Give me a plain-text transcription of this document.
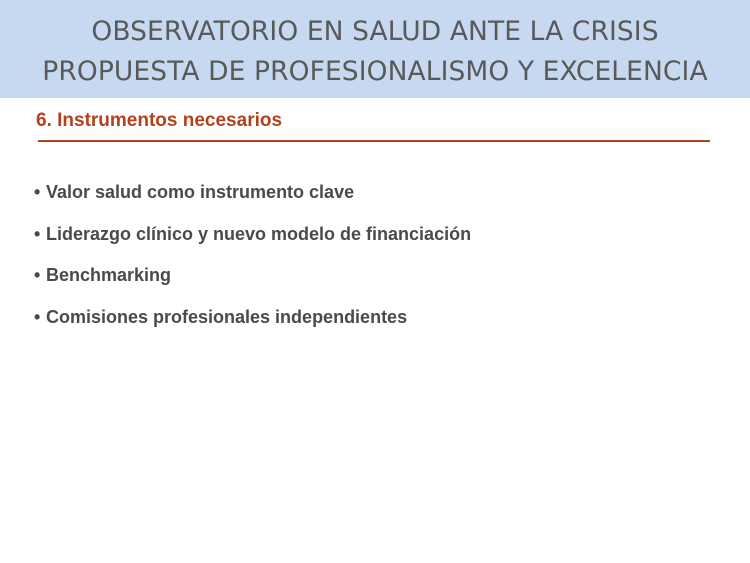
OBSERVATORIO EN SALUD ANTE LA CRISIS
PROPUESTA DE PROFESIONALISMO Y EXCELENCIA
6. Instrumentos necesarios
• Valor salud como instrumento clave
• Liderazgo clínico y nuevo modelo de financiación
• Benchmarking
• Comisiones profesionales independientes
